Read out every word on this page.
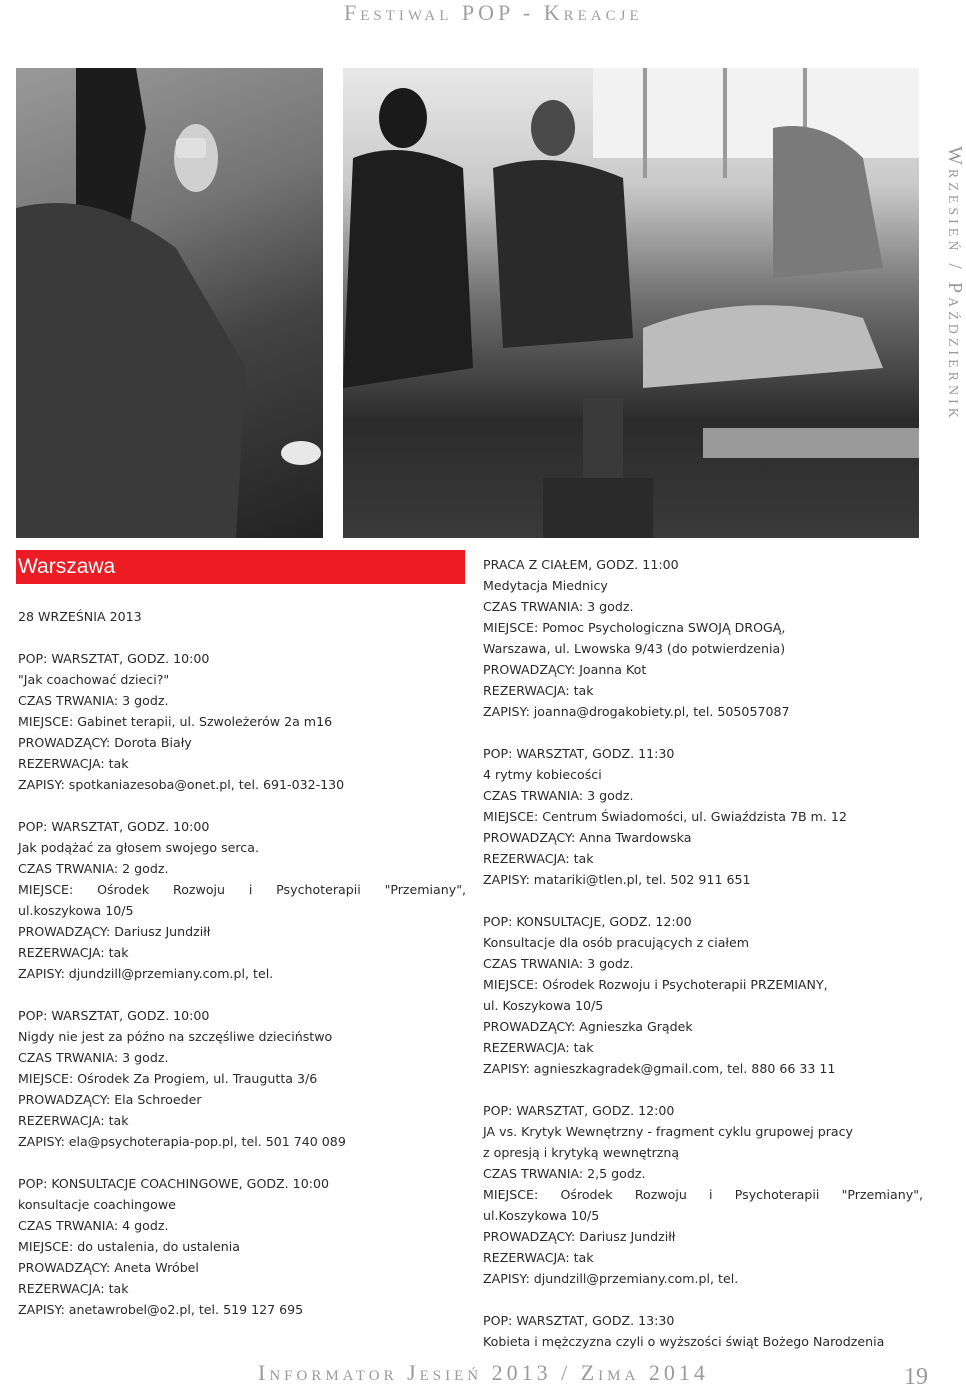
Festiwal POP - Kreacje
Wrzesień / Październik
Warszawa
28 WRZEŚNIA 2013
POP: WARSZTAT, GODZ. 10:00
"Jak coachować dzieci?"
CZAS TRWANIA: 3 godz.
MIEJSCE: Gabinet terapii, ul. Szwoleżerów 2a m16
PROWADZĄCY: Dorota Biały
REZERWACJA: tak
ZAPISY: spotkaniazesoba@onet.pl, tel. 691-032-130
POP: WARSZTAT, GODZ. 10:00
Jak podążać za głosem swojego serca.
CZAS TRWANIA: 2 godz.
MIEJSCE: Ośrodek Rozwoju i Psychoterapii "Przemiany",
ul.koszykowa 10/5
PROWADZĄCY: Dariusz Jundziłł
REZERWACJA: tak
ZAPISY: djundzill@przemiany.com.pl, tel.
POP: WARSZTAT, GODZ. 10:00
Nigdy nie jest za późno na szczęśliwe dzieciństwo
CZAS TRWANIA: 3 godz.
MIEJSCE: Ośrodek Za Progiem, ul. Traugutta 3/6
PROWADZĄCY: Ela Schroeder
REZERWACJA: tak
ZAPISY: ela@psychoterapia-pop.pl, tel. 501 740 089
POP: KONSULTACJE COACHINGOWE, GODZ. 10:00
konsultacje coachingowe
CZAS TRWANIA: 4 godz.
MIEJSCE: do ustalenia, do ustalenia
PROWADZĄCY: Aneta Wróbel
REZERWACJA: tak
ZAPISY: anetawrobel@o2.pl, tel. 519 127 695
PRACA Z CIAŁEM, GODZ. 11:00
Medytacja Miednicy
CZAS TRWANIA: 3 godz.
MIEJSCE: Pomoc Psychologiczna SWOJĄ DROGĄ,
Warszawa, ul. Lwowska 9/43 (do potwierdzenia)
PROWADZĄCY: Joanna Kot
REZERWACJA: tak
ZAPISY: joanna@drogakobiety.pl, tel. 505057087
POP: WARSZTAT, GODZ. 11:30
4 rytmy kobiecości
CZAS TRWANIA: 3 godz.
MIEJSCE: Centrum Świadomości, ul. Gwiaździsta 7B m. 12
PROWADZĄCY: Anna Twardowska
REZERWACJA: tak
ZAPISY: matariki@tlen.pl, tel. 502 911 651
POP: KONSULTACJE, GODZ. 12:00
Konsultacje dla osób pracujących z ciałem
CZAS TRWANIA: 3 godz.
MIEJSCE: Ośrodek Rozwoju i Psychoterapii PRZEMIANY,
ul. Koszykowa 10/5
PROWADZĄCY: Agnieszka Grądek
REZERWACJA: tak
ZAPISY: agnieszkagradek@gmail.com, tel. 880 66 33 11
POP: WARSZTAT, GODZ. 12:00
JA vs. Krytyk Wewnętrzny - fragment cyklu grupowej pracy
z opresją i krytyką wewnętrzną
CZAS TRWANIA: 2,5 godz.
MIEJSCE: Ośrodek Rozwoju i Psychoterapii "Przemiany",
ul.Koszykowa 10/5
PROWADZĄCY: Dariusz Jundziłł
REZERWACJA: tak
ZAPISY: djundzill@przemiany.com.pl, tel.
POP: WARSZTAT, GODZ. 13:30
Kobieta i mężczyzna czyli o wyższości świąt Bożego Narodzenia
Informator Jesień 2013 / Zima 2014	19
